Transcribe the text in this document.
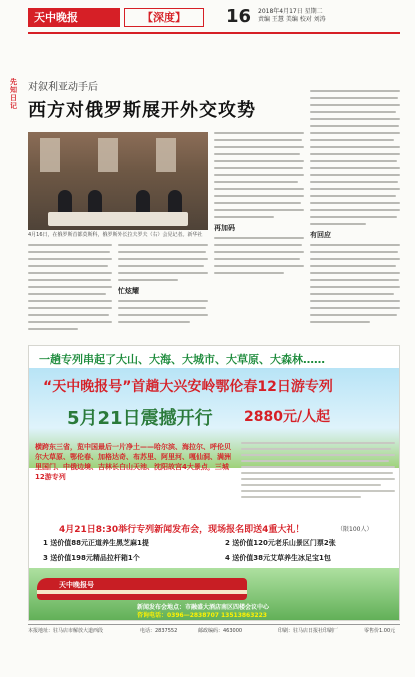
天中晚报	【深度】	16 2018年4月17日 星期二
责编 王慧 美编 校对 刘涛
先知日记
对叙利亚动手后
西方对俄罗斯展开外交攻势
4月16日，在俄罗斯首都莫斯科，俄罗斯外长拉夫罗夫（右）会见记者。新华社
再加码
有回应
忙炫耀
一趟专列串起了大山、大海、大城市、大草原、大森林……
“天中晚报号”首趟大兴安岭鄂伦春12日游专列
5月21日震撼开行 2880元/人起
横跨东三省，览中国最后一片净土——哈尔滨、海拉尔、呼伦贝尔大草原、鄂伦春、加格达奇、布苏里、阿里河、嘎仙洞、满洲里国门、中俄边境、吉林长白山天池、沈阳故宫4大景点，三城12游专列
4月21日8:30举行专列新闻发布会，现场报名即送4重大礼！	（限100人）
1 送价值88元正道养生黑芝麻1提	2 送价值120元老乐山景区门票2张
3 送价值198元精品拉杆箱1个	4 送价值38元艾草养生冰足宝1包
天中晚报号
新闻发布会地点：市融盛大酒店南区四楼会议中心
咨询电话：0396—2838707 13513863223
本报地址：驻马店市解放大道西段	电话：2837552	邮政编码：463000	印刷：驻马店日报社印刷厂	零售价1.00元
